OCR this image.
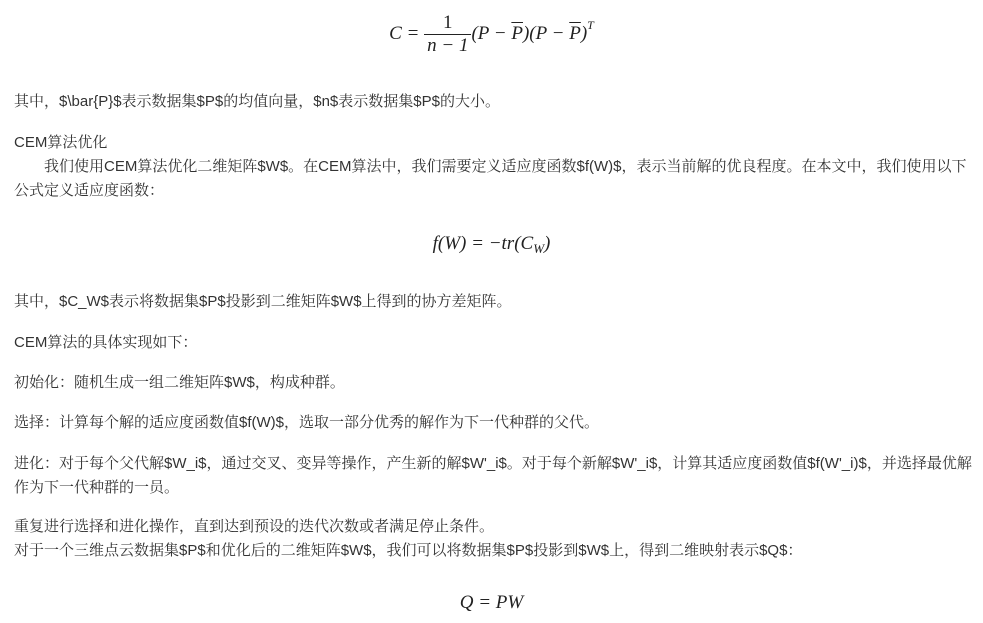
$C = \frac{1}{n - 1} (P - \overline{P})(P - \overline{P})^T$

其中，$\bar{P}$表示数据集$P$的均值向量，$n$表示数据集$P$的大小。

CEM算法优化

我们使用CEM算法优化二维矩阵$W$。在CEM算法中，我们需要定义适应度函数$f(W)$，表示当前解的优良程度。在本文中，我们使用以下公式定义适应度函数：

$f(W) = -tr(C_W)$

其中，$C_W$表示将数据集$P$投影到二维矩阵$W$上得到的协方差矩阵。

CEM算法的具体实现如下：

初始化：随机生成一组二维矩阵$W$，构成种群。

选择：计算每个解的适应度函数值$f(W)$，选取一部分优秀的解作为下一代种群的父代。

进化：对于每个父代解$W_i$，通过交叉、变异等操作，产生新的解$W'_i$。对于每个新解$W'_i$，计算其适应度函数值$f(W'_i)$，并选择最优解作为下一代种群的一员。

重复进行选择和进化操作，直到达到预设的迭代次数或者满足停止条件。

对于一个三维点云数据集$P$和优化后的二维矩阵$W$，我们可以将数据集$P$投影到$W$上，得到二维映射表示$Q$：

Q = PW
